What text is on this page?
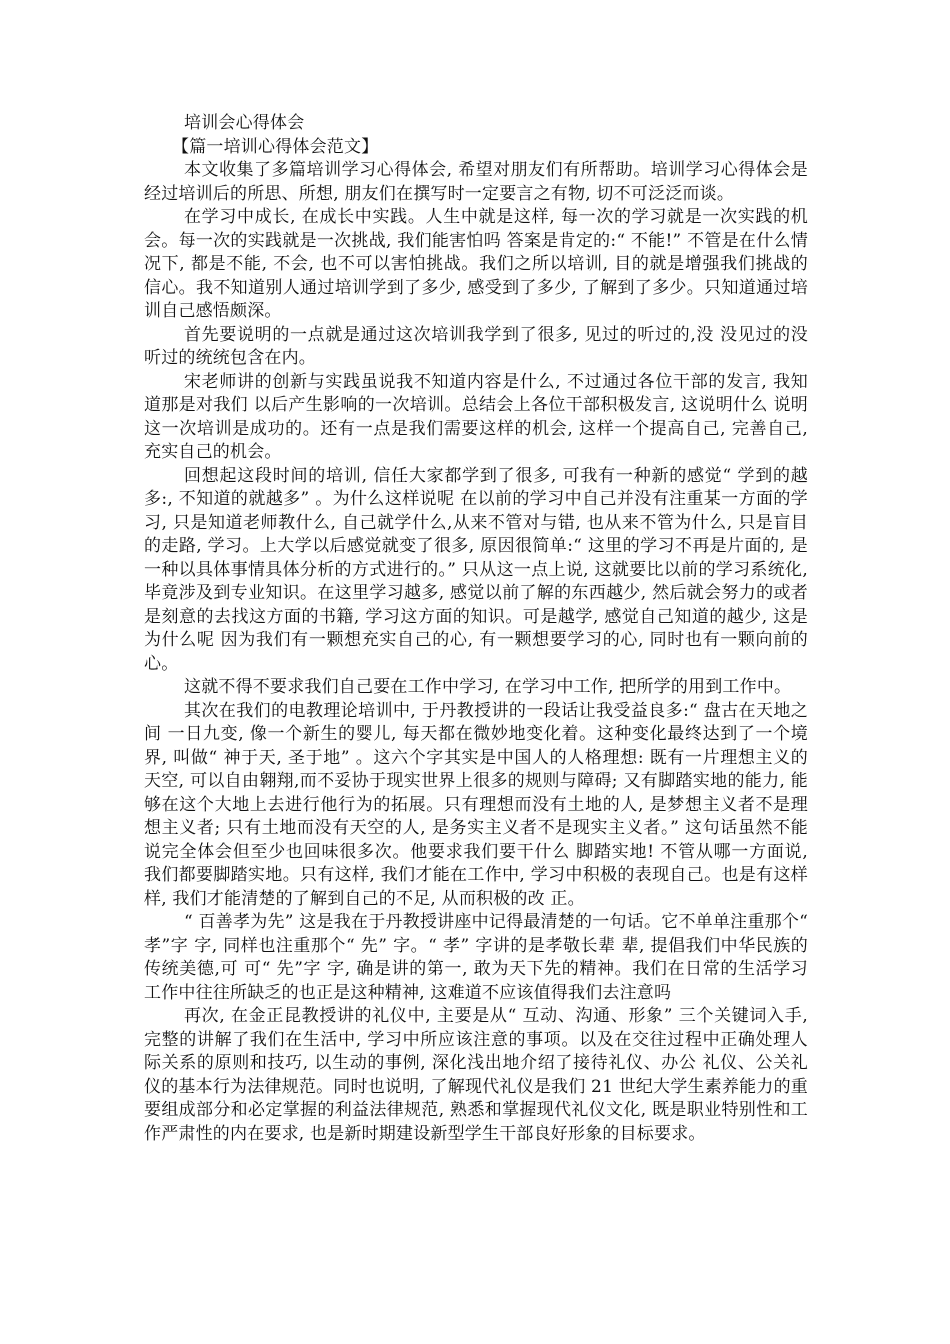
培训会心得体会

【篇一培训心得体会范文】

本文收集了多篇培训学习心得体会, 希望对朋友们有所帮助。培训学习心得体会是经过培训后的所思、所想, 朋友们在撰写时一定要言之有物, 切不可泛泛而谈。

在学习中成长, 在成长中实践。人生中就是这样, 每一次的学习就是一次实践的机会。每一次的实践就是一次挑战, 我们能害怕吗 答案是肯定的:“ 不能!” 不管是在什么情况下, 都是不能, 不会, 也不可以害怕挑战。我们之所以培训, 目的就是增强我们挑战的信心。我不知道别人通过培训学到了多少, 感受到了多少, 了解到了多少。只知道通过培训自己感悟颇深。

首先要说明的一点就是通过这次培训我学到了很多, 见过的听过的,没 没见过的没听过的统统包含在内。

宋老师讲的创新与实践虽说我不知道内容是什么, 不过通过各位干部的发言, 我知道那是对我们 以后产生影响的一次培训。总结会上各位干部积极发言, 这说明什么 说明这一次培训是成功的。还有一点是我们需要这样的机会, 这样一个提高自己, 完善自己, 充实自己的机会。

回想起这段时间的培训, 信任大家都学到了很多, 可我有一种新的感觉“ 学到的越多:, 不知道的就越多” 。为什么这样说呢 在以前的学习中自己并没有注重某一方面的学习, 只是知道老师教什么, 自己就学什么,从来不管对与错, 也从来不管为什么, 只是盲目的走路, 学习。上大学以后感觉就变了很多, 原因很简单:“ 这里的学习不再是片面的, 是一种以具体事情具体分析的方式进行的。” 只从这一点上说, 这就要比以前的学习系统化, 毕竟涉及到专业知识。在这里学习越多, 感觉以前了解的东西越少, 然后就会努力的或者是刻意的去找这方面的书籍, 学习这方面的知识。可是越学, 感觉自己知道的越少, 这是为什么呢 因为我们有一颗想充实自己的心, 有一颗想要学习的心, 同时也有一颗向前的心。

这就不得不要求我们自己要在工作中学习, 在学习中工作, 把所学的用到工作中。

其次在我们的电教理论培训中, 于丹教授讲的一段话让我受益良多:“ 盘古在天地之间 一日九变, 像一个新生的婴儿, 每天都在微妙地变化着。这种变化最终达到了一个境界, 叫做“ 神于天, 圣于地” 。这六个字其实是中国人的人格理想: 既有一片理想主义的天空, 可以自由翱翔,而不妥协于现实世界上很多的规则与障碍; 又有脚踏实地的能力, 能够在这个大地上去进行他行为的拓展。只有理想而没有土地的人, 是梦想主义者不是理想主义者; 只有土地而没有天空的人, 是务实主义者不是现实主义者。” 这句话虽然不能说完全体会但至少也回味很多次。他要求我们要干什么 脚踏实地! 不管从哪一方面说, 我们都要脚踏实地。只有这样, 我们才能在工作中, 学习中积极的表现自己。也是有这样 样, 我们才能清楚的了解到自己的不足, 从而积极的改 正。

“ 百善孝为先” 这是我在于丹教授讲座中记得最清楚的一句话。它不单单注重那个“ 孝”字 字, 同样也注重那个“ 先” 字。“ 孝” 字讲的是孝敬长辈 辈, 提倡我们中华民族的传统美德,可 可“ 先”字 字, 确是讲的第一, 敢为天下先的精神。我们在日常的生活学习工作中往往所缺乏的也正是这种精神, 这难道不应该值得我们去注意吗

再次, 在金正昆教授讲的礼仪中, 主要是从“ 互动、沟通、形象” 三个关键词入手, 完整的讲解了我们在生活中, 学习中所应该注意的事项。以及在交往过程中正确处理人际关系的原则和技巧, 以生动的事例, 深化浅出地介绍了接待礼仪、办公 礼仪、公关礼仪的基本行为法律规范。同时也说明, 了解现代礼仪是我们 21 世纪大学生素养能力的重要组成部分和必定掌握的利益法律规范, 熟悉和掌握现代礼仪文化, 既是职业特别性和工作严肃性的内在要求, 也是新时期建设新型学生干部良好形象的目标要求。
